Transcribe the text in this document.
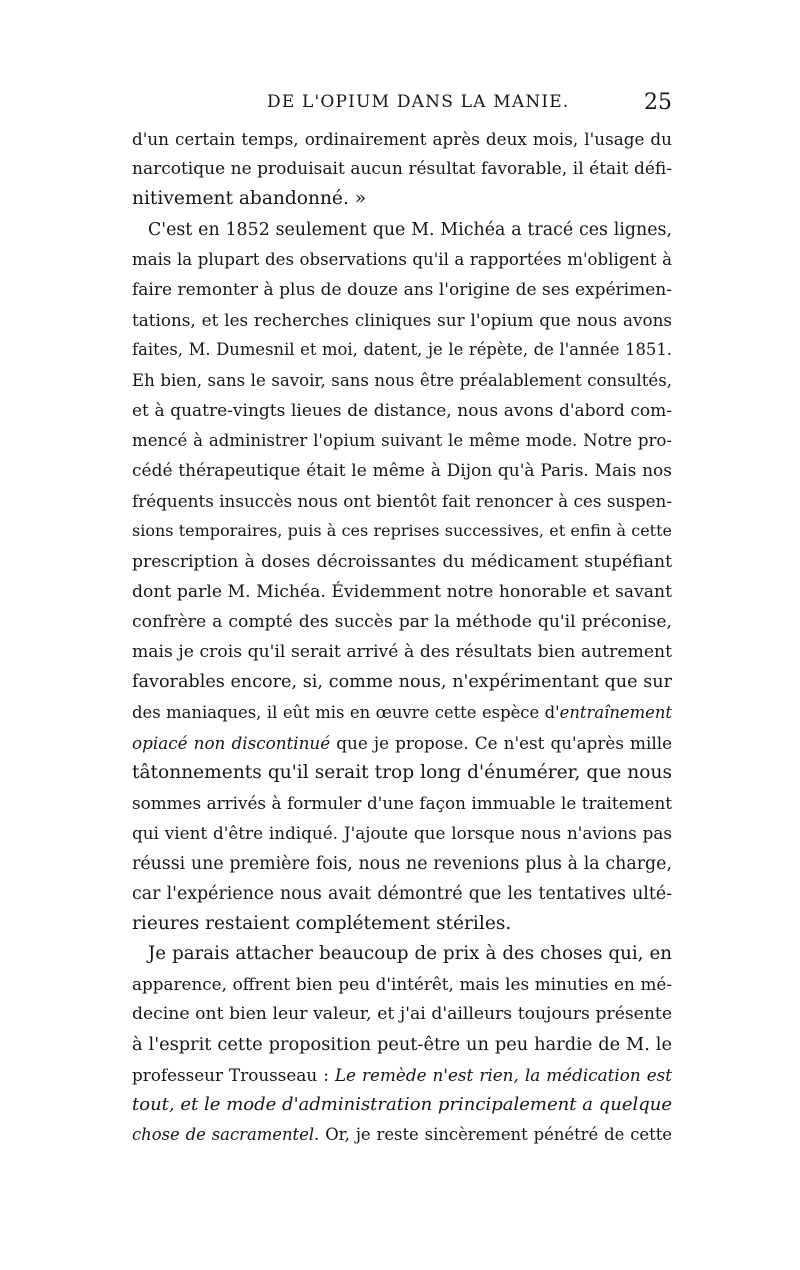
DE L'OPIUM DANS LA MANIE.	25
d'un certain temps, ordinairement après deux mois, l'usage du
narcotique ne produisait aucun résultat favorable, il était défi-
nitivement abandonné. »
C'est en 1852 seulement que M. Michéa a tracé ces lignes,
mais la plupart des observations qu'il a rapportées m'obligent à
faire remonter à plus de douze ans l'origine de ses expérimen-
tations, et les recherches cliniques sur l'opium que nous avons
faites, M. Dumesnil et moi, datent, je le répète, de l'année 1851.
Eh bien, sans le savoir, sans nous être préalablement consultés,
et à quatre-vingts lieues de distance, nous avons d'abord com-
mencé à administrer l'opium suivant le même mode. Notre pro-
cédé thérapeutique était le même à Dijon qu'à Paris. Mais nos
fréquents insuccès nous ont bientôt fait renoncer à ces suspen-
sions temporaires, puis à ces reprises successives, et enfin à cette
prescription à doses décroissantes du médicament stupéfiant
dont parle M. Michéa. Évidemment notre honorable et savant
confrère a compté des succès par la méthode qu'il préconise,
mais je crois qu'il serait arrivé à des résultats bien autrement
favorables encore, si, comme nous, n'expérimentant que sur
des maniaques, il eût mis en œuvre cette espèce d'entraînement
opiacé non discontinué que je propose. Ce n'est qu'après mille
tâtonnements qu'il serait trop long d'énumérer, que nous
sommes arrivés à formuler d'une façon immuable le traitement
qui vient d'être indiqué. J'ajoute que lorsque nous n'avions pas
réussi une première fois, nous ne revenions plus à la charge,
car l'expérience nous avait démontré que les tentatives ulté-
rieures restaient complétement stériles.
Je parais attacher beaucoup de prix à des choses qui, en
apparence, offrent bien peu d'intérêt, mais les minuties en mé-
decine ont bien leur valeur, et j'ai d'ailleurs toujours présente
à l'esprit cette proposition peut-être un peu hardie de M. le
professeur Trousseau : Le remède n'est rien, la médication est
tout, et le mode d'administration principalement a quelque
chose de sacramentel. Or, je reste sincèrement pénétré de cette
